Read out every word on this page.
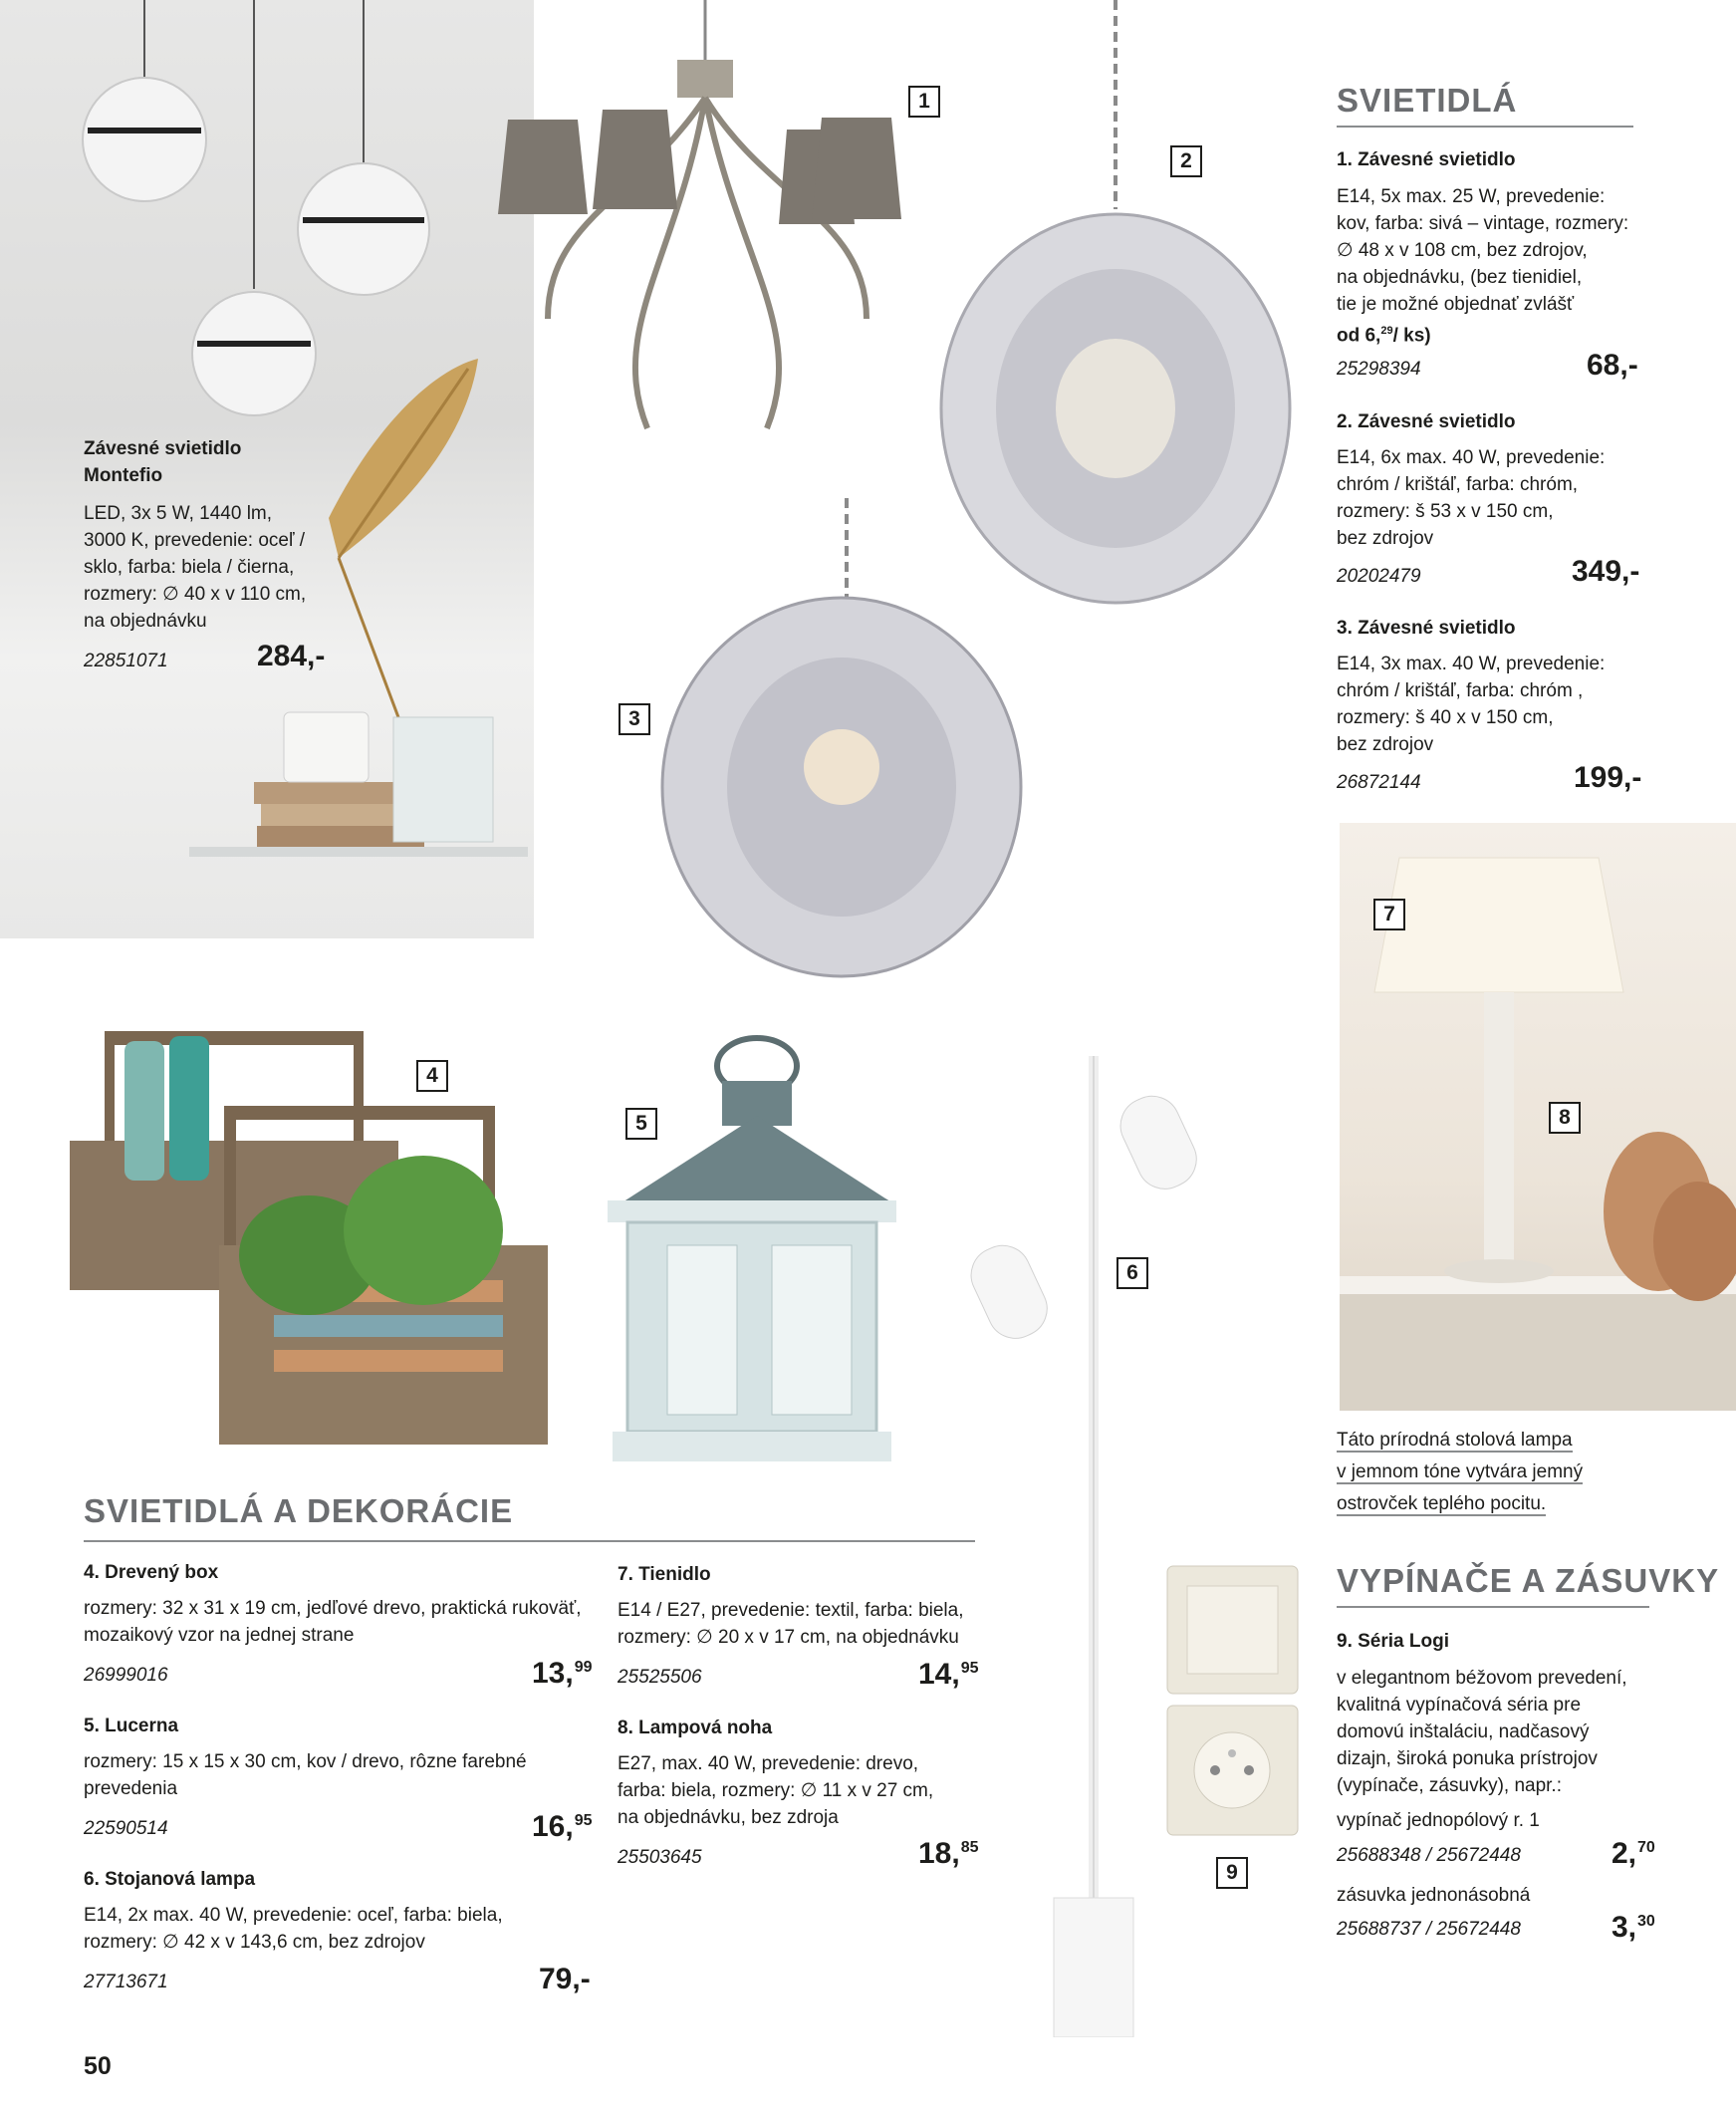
1
2
3
4
5
6
7
8
9
Závesné svietidlo
Montefio
LED, 3x 5 W, 1440 lm,
3000 K, prevedenie: oceľ /
sklo, farba: biela / čierna,
rozmery: ∅ 40 x v 110 cm,
na objednávku
22851071	284,-
SVIETIDLÁ
1. Závesné svietidlo
E14, 5x max. 25 W, prevedenie:
kov, farba: sivá – vintage, rozmery:
∅ 48 x v 108 cm, bez zdrojov,
na objednávku, (bez tienidiel,
tie je možné objednať zvlášť
od 6,29/ ks)
25298394	68,-
2. Závesné svietidlo
E14, 6x max. 40 W, prevedenie:
chróm / krištáľ, farba: chróm,
rozmery: š 53 x v 150 cm,
bez zdrojov
20202479	349,-
3. Závesné svietidlo
E14, 3x max. 40 W, prevedenie:
chróm / krištáľ, farba: chróm ,
rozmery: š 40 x v 150 cm,
bez zdrojov
26872144	199,-
Táto prírodná stolová lampa
v jemnom tóne vytvára jemný
ostrovček teplého pocitu.
SVIETIDLÁ A DEKORÁCIE
4. Drevený box
rozmery: 32 x 31 x 19 cm, jedľové drevo, praktická rukoväť,
mozaikový vzor na jednej strane
26999016	13,99
5. Lucerna
rozmery: 15 x 15 x 30 cm, kov / drevo, rôzne farebné
prevedenia
22590514	16,95
6. Stojanová lampa
E14, 2x max. 40 W, prevedenie: oceľ, farba: biela,
rozmery: ∅ 42 x v 143,6 cm, bez zdrojov
27713671	79,-
7. Tienidlo
E14 / E27, prevedenie: textil, farba: biela,
rozmery: ∅ 20 x v 17 cm, na objednávku
25525506	14,95
8. Lampová noha
E27, max. 40 W, prevedenie: drevo,
farba: biela, rozmery: ∅ 11 x v 27 cm,
na objednávku, bez zdroja
25503645	18,85
VYPÍNAČE A ZÁSUVKY
9. Séria Logi
v elegantnom béžovom prevedení,
kvalitná vypínačová séria pre
domovú inštaláciu, nadčasový
dizajn, široká ponuka prístrojov
(vypínače, zásuvky), napr.:
vypínač jednopólový r. 1
25688348 / 25672448	2,70
zásuvka jednonásobná
25688737 / 25672448	3,30
50
